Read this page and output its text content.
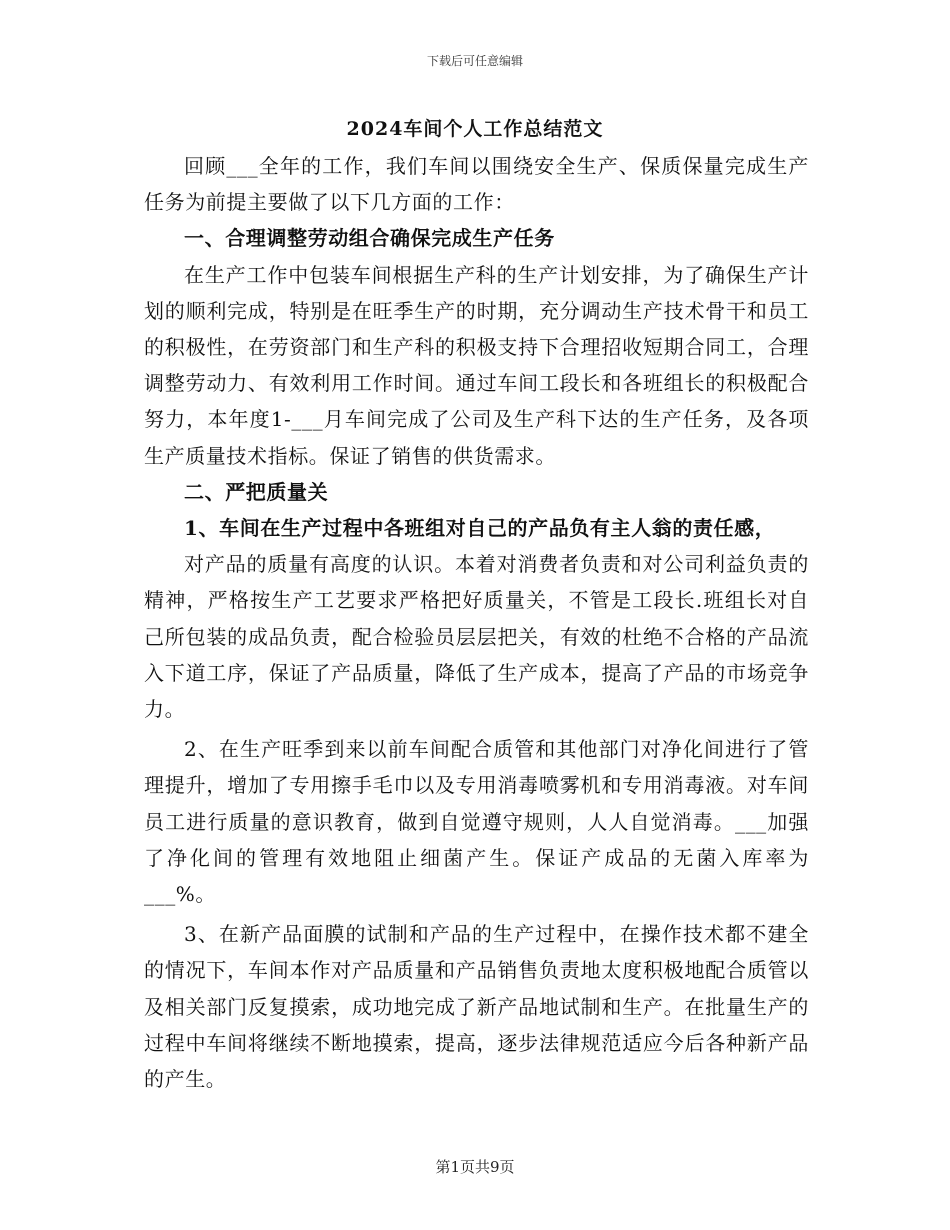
下载后可任意编辑
2024车间个人工作总结范文

回顾___全年的工作，我们车间以围绕安全生产、保质保量完成生产任务为前提主要做了以下几方面的工作：

一、合理调整劳动组合确保完成生产任务

在生产工作中包装车间根据生产科的生产计划安排，为了确保生产计划的顺利完成，特别是在旺季生产的时期，充分调动生产技术骨干和员工的积极性，在劳资部门和生产科的积极支持下合理招收短期合同工，合理调整劳动力、有效利用工作时间。通过车间工段长和各班组长的积极配合努力，本年度1-___月车间完成了公司及生产科下达的生产任务，及各项生产质量技术指标。保证了销售的供货需求。

二、严把质量关

1、车间在生产过程中各班组对自己的产品负有主人翁的责任感，

对产品的质量有高度的认识。本着对消费者负责和对公司利益负责的精神，严格按生产工艺要求严格把好质量关，不管是工段长.班组长对自己所包装的成品负责，配合检验员层层把关，有效的杜绝不合格的产品流入下道工序，保证了产品质量，降低了生产成本，提高了产品的市场竞争力。

2、在生产旺季到来以前车间配合质管和其他部门对净化间进行了管理提升，增加了专用擦手毛巾以及专用消毒喷雾机和专用消毒液。对车间员工进行质量的意识教育，做到自觉遵守规则，人人自觉消毒。___加强了净化间的管理有效地阻止细菌产生。保证产成品的无菌入库率为___%。

3、在新产品面膜的试制和产品的生产过程中，在操作技术都不建全的情况下，车间本作对产品质量和产品销售负责地太度积极地配合质管以及相关部门反复摸索，成功地完成了新产品地试制和生产。在批量生产的过程中车间将继续不断地摸索，提高，逐步法律规范适应今后各种新产品的产生。

第1页共9页
